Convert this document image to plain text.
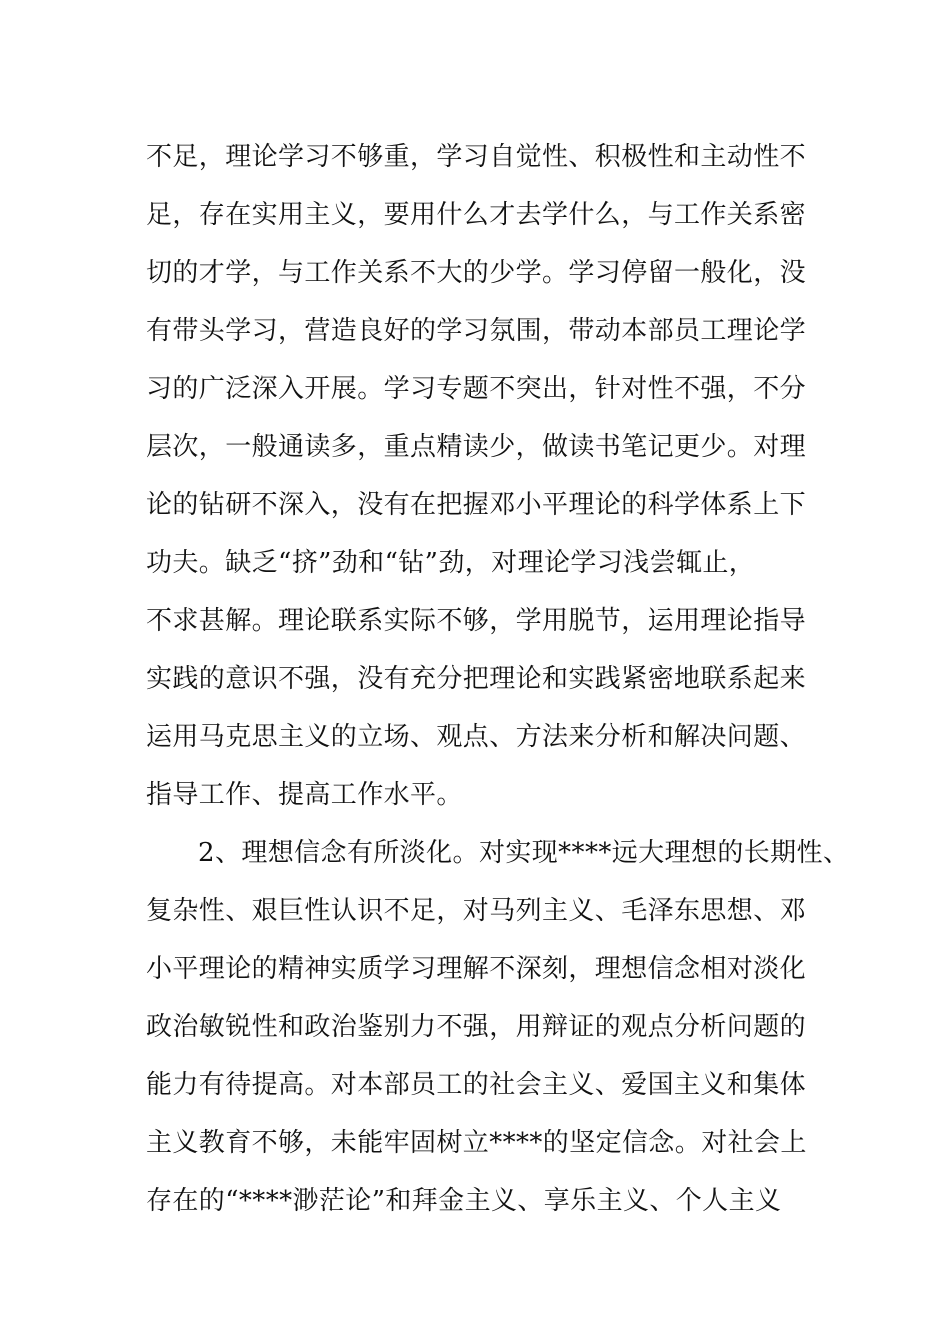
不足，理论学习不够重，学习自觉性、积极性和主动性不
足，存在实用主义，要用什么才去学什么，与工作关系密
切的才学，与工作关系不大的少学。学习停留一般化，没
有带头学习，营造良好的学习氛围，带动本部员工理论学
习的广泛深入开展。学习专题不突出，针对性不强，不分
层次，一般通读多，重点精读少，做读书笔记更少。对理
论的钻研不深入，没有在把握邓小平理论的科学体系上下
功夫。缺乏“挤”劲和“钻”劲，对理论学习浅尝辄止，
不求甚解。理论联系实际不够，学用脱节，运用理论指导
实践的意识不强，没有充分把理论和实践紧密地联系起来
运用马克思主义的立场、观点、方法来分析和解决问题、
指导工作、提高工作水平。
2、理想信念有所淡化。对实现****远大理想的长期性、
复杂性、艰巨性认识不足，对马列主义、毛泽东思想、邓
小平理论的精神实质学习理解不深刻，理想信念相对淡化
政治敏锐性和政治鉴别力不强，用辩证的观点分析问题的
能力有待提高。对本部员工的社会主义、爱国主义和集体
主义教育不够，未能牢固树立****的坚定信念。对社会上
存在的“****渺茫论”和拜金主义、享乐主义、个人主义
